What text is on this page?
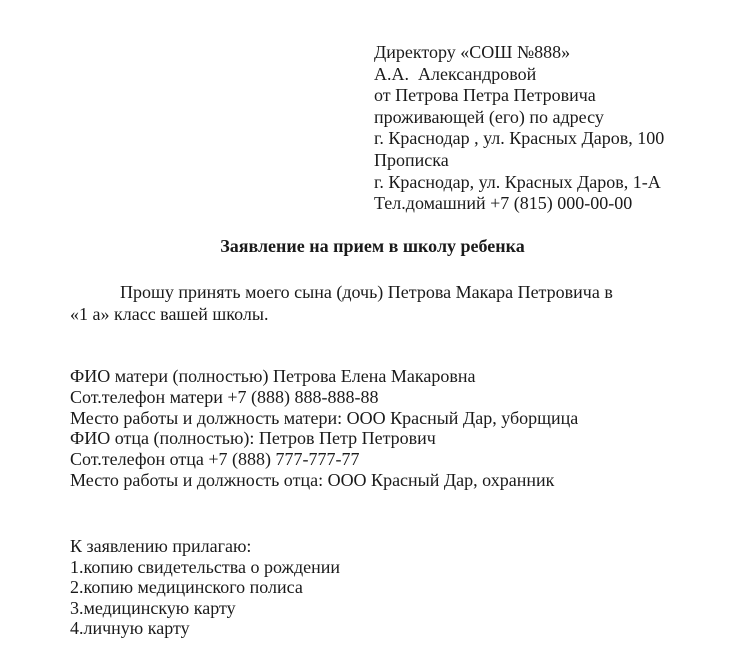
Директору «СОШ №888»
А.А.  Александровой
от Петрова Петра Петровича
проживающей (его) по адресу
г. Краснодар , ул. Красных Даров, 100
Прописка
г. Краснодар, ул. Красных Даров, 1-А
Тел.домашний +7 (815) 000-00-00
Заявление на прием в школу ребенка
Прошу принять моего сына (дочь) Петрова Макара Петровича в
«1 а» класс вашей школы.
ФИО матери (полностью) Петрова Елена Макаровна
Сот.телефон матери +7 (888) 888-888-88
Место работы и должность матери: ООО Красный Дар, уборщица
ФИО отца (полностью): Петров Петр Петрович
Сот.телефон отца +7 (888) 777-777-77
Место работы и должность отца: ООО Красный Дар, охранник
К заявлению прилагаю:
1.копию свидетельства о рождении
2.копию медицинского полиса
3.медицинскую карту
4.личную карту
